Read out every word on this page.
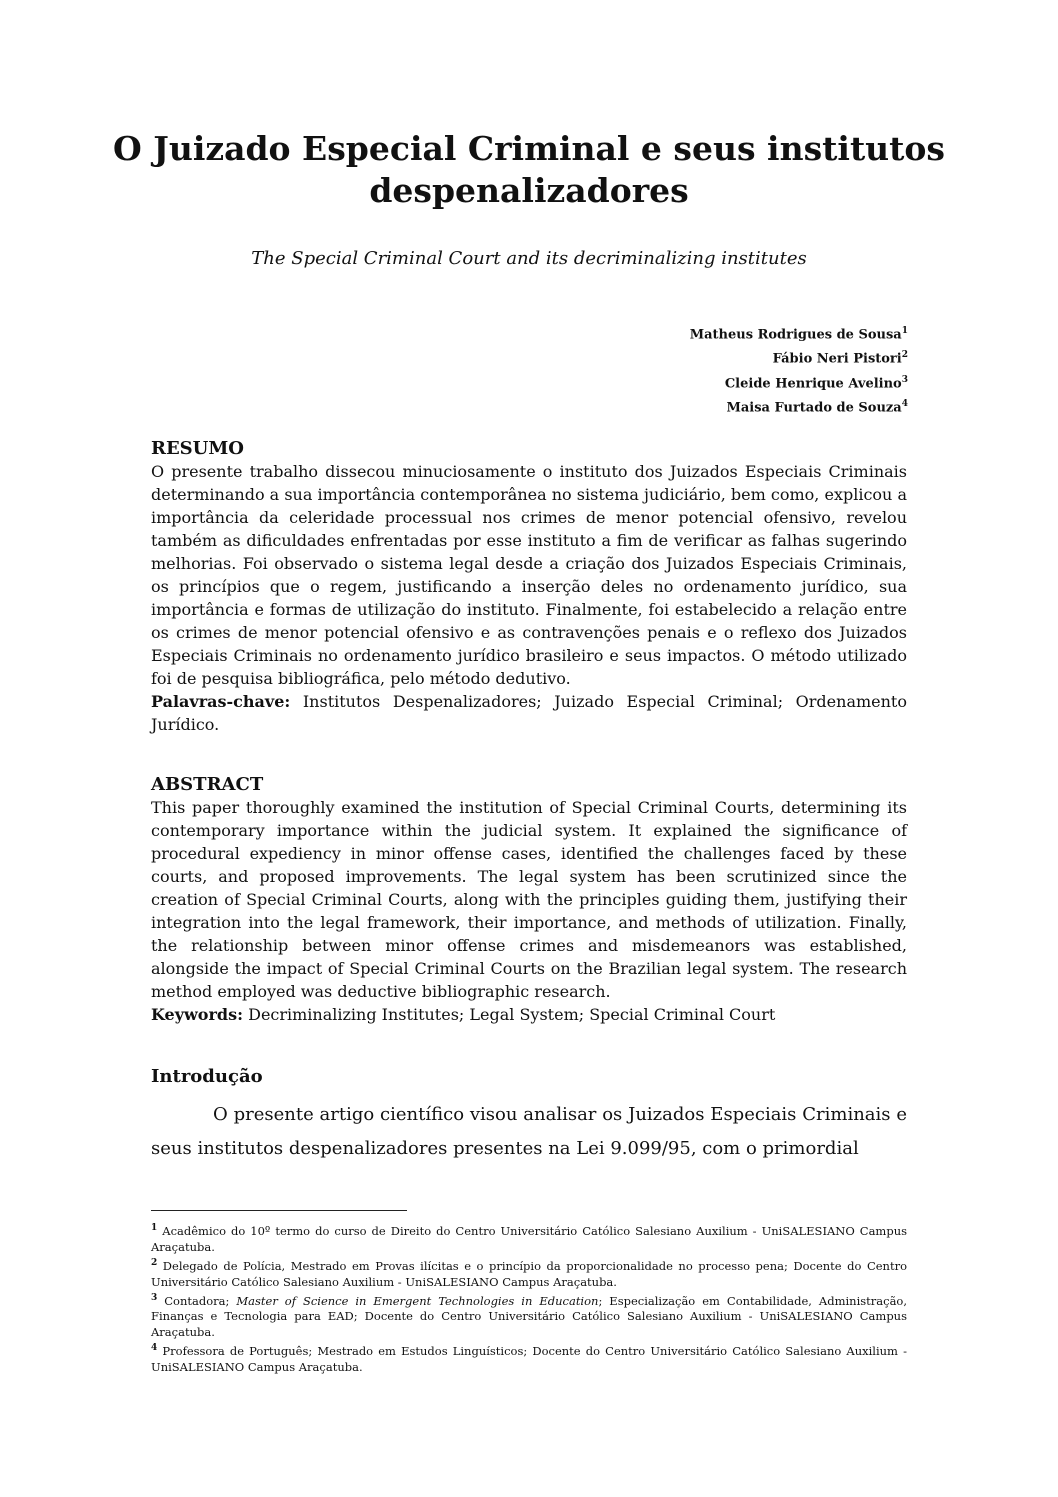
O Juizado Especial Criminal e seus institutos
despenalizadores

The Special Criminal Court and its decriminalizing institutes

Matheus Rodrigues de Sousa$^1$
Fábio Neri Pistori$^2$
Cleide Henrique Avelino$^3$
Maisa Furtado de Souza$^4$
RESUMO

O presente trabalho dissecou minuciosamente o instituto dos Juizados Especiais Criminais determinando a sua importância contemporânea no sistema judiciário, bem como, explicou a importância da celeridade processual nos crimes de menor potencial ofensivo, revelou também as dificuldades enfrentadas por esse instituto a fim de verificar as falhas sugerindo melhorias. Foi observado o sistema legal desde a criação dos Juizados Especiais Criminais, os princípios que o regem, justificando a inserção deles no ordenamento jurídico, sua importância e formas de utilização do instituto. Finalmente, foi estabelecido a relação entre os crimes de menor potencial ofensivo e as contravenções penais e o reflexo dos Juizados Especiais Criminais no ordenamento jurídico brasileiro e seus impactos. O método utilizado foi de pesquisa bibliográfica, pelo método dedutivo.

Palavras-chave: Institutos Despenalizadores; Juizado Especial Criminal; Ordenamento Jurídico.

ABSTRACT

This paper thoroughly examined the institution of Special Criminal Courts, determining its contemporary importance within the judicial system. It explained the significance of procedural expediency in minor offense cases, identified the challenges faced by these courts, and proposed improvements. The legal system has been scrutinized since the creation of Special Criminal Courts, along with the principles guiding them, justifying their integration into the legal framework, their importance, and methods of utilization. Finally, the relationship between minor offense crimes and misdemeanors was established, alongside the impact of Special Criminal Courts on the Brazilian legal system. The research method employed was deductive bibliographic research.

Keywords: Decriminalizing Institutes; Legal System; Special Criminal Court

Introdução

O presente artigo científico visou analisar os Juizados Especiais Criminais e seus institutos despenalizadores presentes na Lei 9.099/95, com o primordial

$^1$ Acadêmico do 10º termo do curso de Direito do Centro Universitário Católico Salesiano Auxilium - UniSALESIANO Campus Araçatuba.

$^2$ Delegado de Polícia, Mestrado em Provas ilícitas e o princípio da proporcionalidade no processo pena; Docente do Centro Universitário Católico Salesiano Auxilium - UniSALESIANO Campus Araçatuba.

$^3$ Contadora; Master of Science in Emergent Technologies in Education; Especialização em Contabilidade, Administração, Finanças e Tecnologia para EAD; Docente do Centro Universitário Católico Salesiano Auxilium - UniSALESIANO Campus Araçatuba.

$^4$ Professora de Português; Mestrado em Estudos Linguísticos; Docente do Centro Universitário Católico Salesiano Auxilium - UniSALESIANO Campus Araçatuba.
